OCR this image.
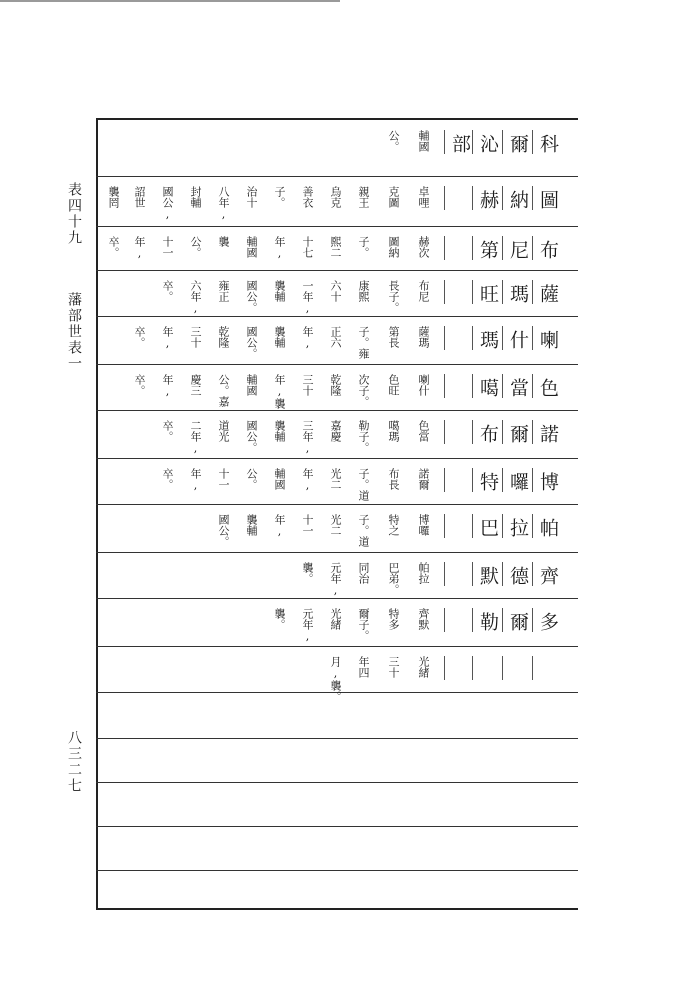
表四十九
藩部世表一
八三二七
科
圖
布
薩
喇
色
諾
博
帕
齊
多
爾
納
尼
瑪
什
當
爾
囉
拉
德
爾
沁
赫
第
旺
瑪
噶
布
特
巴
默
勒
部
輔國
卓哩
赫次
布尼
薩瑪
喇什
色當
諾爾
博囉
帕拉
齊默
光緒
公。
克圖
圖納
長子。
第長
色旺
噶瑪
布長
特之
巴弟。
特多
三十
親王
子。
康熙
子。雍
次子。
勒子。
子。道
子。道
同治
爾子。
年四
烏克
熙二
六十
正六
乾隆
嘉慶
光二
光二
元年,
光緒
月,襲。
善衣
十七
一年,
年,
三十
三年,
年,
十一
襲。
元年,
子。
年,
襲輔
襲輔
年,襲
襲輔
輔國
年,
襲。
治十
輔國
國公。
國公。
輔國
國公。
公。
襲輔
八年,
襲
雍正
乾隆
公。嘉
道光
十一
國公。
封輔
公。
六年,
三十
慶三
二年,
年,
國公,
十一
卒。
年,
年,
卒。
卒。
詔世
年,
卒。
卒。
襲罔
卒。
